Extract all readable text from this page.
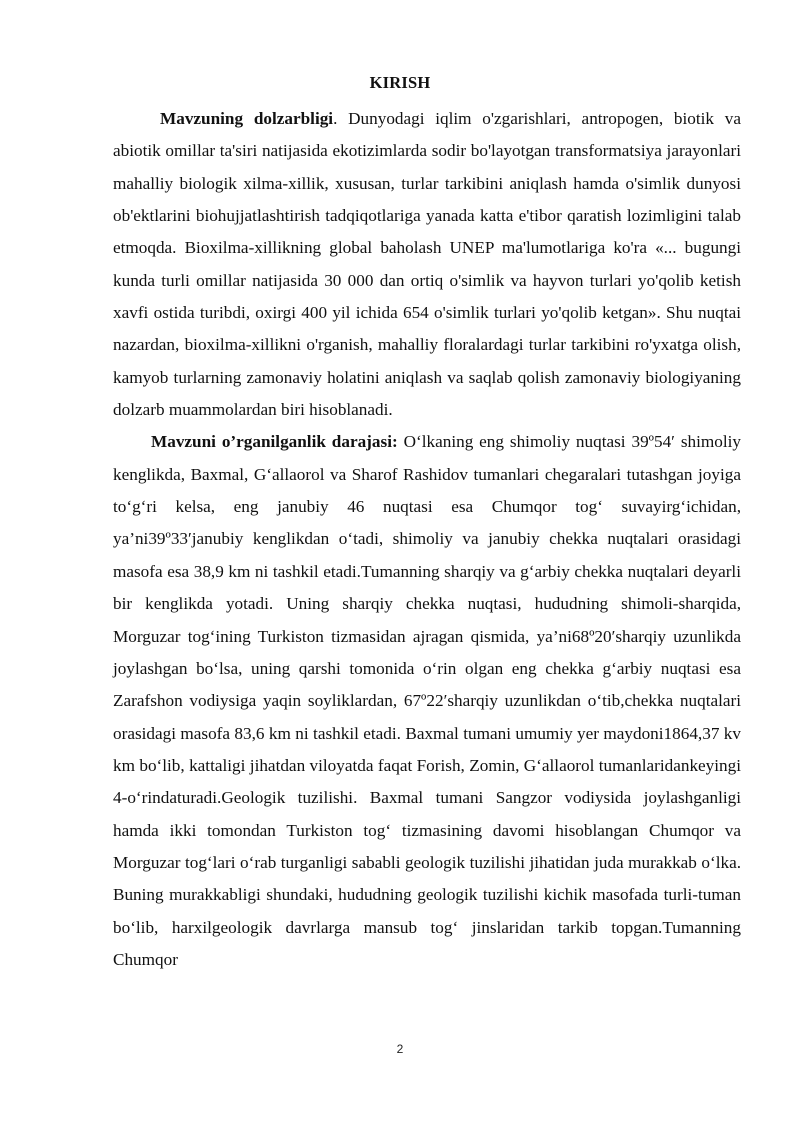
KIRISH

Mavzuning dolzarbligi. Dunyodagi iqlim o'zgarishlari, antropogen, biotik va abiotik omillar ta'siri natijasida ekotizimlarda sodir bo'layotgan transformatsiya jarayonlari mahalliy biologik xilma-xillik, xususan, turlar tarkibini aniqlash hamda o'simlik dunyosi ob'ektlarini biohujjatlashtirish tadqiqotlariga yanada katta e'tibor qaratish lozimligini talab etmoqda. Bioxilma-xillikning global baholash UNEP ma'lumotlariga ko'ra «... bugungi kunda turli omillar natijasida 30 000 dan ortiq o'simlik va hayvon turlari yo'qolib ketish xavfi ostida turibdi, oxirgi 400 yil ichida 654 o'simlik turlari yo'qolib ketgan». Shu nuqtai nazardan, bioxilma-xillikni o'rganish, mahalliy floralardagi turlar tarkibini ro'yxatga olish, kamyob turlarning zamonaviy holatini aniqlash va saqlab qolish zamonaviy biologiyaning dolzarb muammolardan biri hisoblanadi.

Mavzuni o’rganilganlik darajasi: O‘lkaning eng shimoliy nuqtasi 39º54′ shimoliy kenglikda, Baxmal, G‘allaorol va Sharof Rashidov tumanlari chegaralari tutashgan joyiga to‘g‘ri kelsa, eng janubiy 46 nuqtasi esa Chumqor tog‘ suvayirg‘ichidan, ya’ni39º33′janubiy kenglikdan o‘tadi, shimoliy va janubiy chekka nuqtalari orasidagi masofa esa 38,9 km ni tashkil etadi.Tumanning sharqiy va g‘arbiy chekka nuqtalari deyarli bir kenglikda yotadi. Uning sharqiy chekka nuqtasi, hududning shimoli-sharqida, Morguzar tog‘ining Turkiston tizmasidan ajragan qismida, ya’ni68º20′sharqiy uzunlikda joylashgan bo‘lsa, uning qarshi tomonida o‘rin olgan eng chekka g‘arbiy nuqtasi esa Zarafshon vodiysiga yaqin soyliklardan, 67º22′sharqiy uzunlikdan o‘tib,chekka nuqtalari orasidagi masofa 83,6 km ni tashkil etadi. Baxmal tumani umumiy yer maydoni1864,37 kv km bo‘lib, kattaligi jihatdan viloyatda faqat Forish, Zomin, G‘allaorol tumanlaridankeyingi 4-o‘rindaturadi.Geologik tuzilishi. Baxmal tumani Sangzor vodiysida joylashganligi hamda ikki tomondan Turkiston tog‘ tizmasining davomi hisoblangan Chumqor va Morguzar tog‘lari o‘rab turganligi sababli geologik tuzilishi jihatidan juda murakkab o‘lka. Buning murakkabligi shundaki, hududning geologik tuzilishi kichik masofada turli-tuman bo‘lib, harxilgeologik davrlarga mansub tog‘ jinslaridan tarkib topgan.Tumanning Chumqor

2
